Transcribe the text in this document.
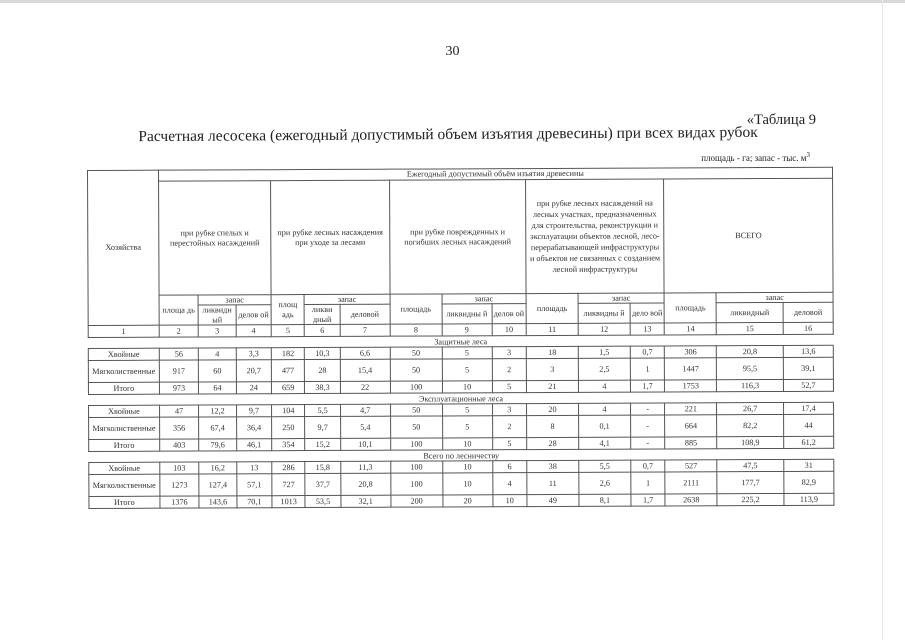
30
«Таблица 9
Расчетная лесосека (ежегодный допустимый объем изъятия древесины) при всех видах рубок
площадь - га; запас - тыс. $м^3$
Хозяйства	Ежегодный допустимый объём изъятия древесины														
	при рубке спелых и перестойных насаждений			при рубке лесных насаждения при уходе за лесами			при рубке поврежденных и погибших лесных насаждений			при рубке лесных насаждений на лесных участках, предназначенных для строительства, реконструкции и эксплуатации объектов лесной, лесо-перерабатывающей инфраструктуры и объектов не связанных с созданием лесной инфраструктуры			ВСЕГО		
	площа дь	запас		площ адь	запас		площадь	запас		площадь	запас		площадь	запас	
		ликвидн ый	делов ой		ликви дный	деловой		ликвидны й	делов ой		ликвидны й	дело вой		ликвидный	деловой
1	2	3	4	5	6	7	8	9	10	11	12	13	14	15	16
Защитные леса															
Хвойные	56	4	3,3	182	10,3	6,6	50	5	3	18	1,5	0,7	306	20,8	13,6
Мягколиственные	917	60	20,7	477	28	15,4	50	5	2	3	2,5	1	1447	95,5	39,1
Итого	973	64	24	659	38,3	22	100	10	5	21	4	1,7	1753	116,3	52,7
Эксплуатационные леса															
Хвойные	47	12,2	9,7	104	5,5	4,7	50	5	3	20	4	-	221	26,7	17,4
Мягколиственные	356	67,4	36,4	250	9,7	5,4	50	5	2	8	0,1	-	664	82,2	44
Итого	403	79,6	46,1	354	15,2	10,1	100	10	5	28	4,1	-	885	108,9	61,2
Всего по лесничеству															
Хвойные	103	16,2	13	286	15,8	11,3	100	10	6	38	5,5	0,7	527	47,5	31
Мягколиственные	1273	127,4	57,1	727	37,7	20,8	100	10	4	11	2,6	1	2111	177,7	82,9
Итого	1376	143,6	70,1	1013	53,5	32,1	200	20	10	49	8,1	1,7	2638	225,2	113,9
